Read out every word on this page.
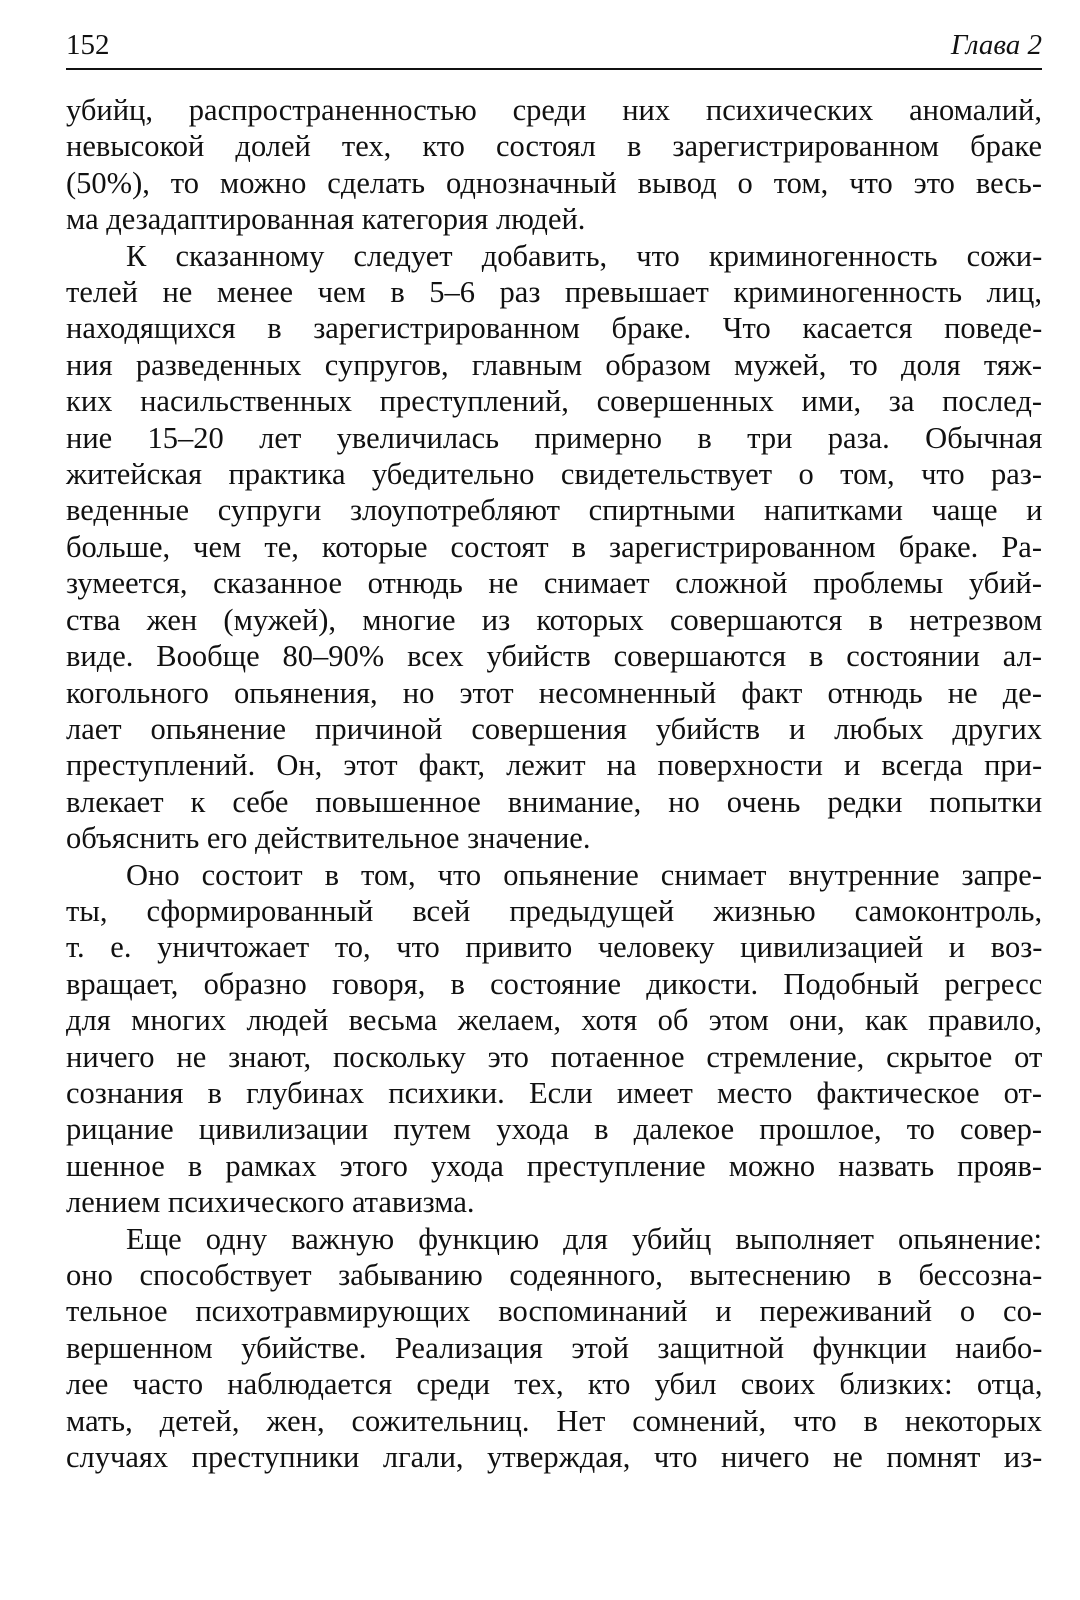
152	Глава 2
убийц, распространенностью среди них психических аномалий,
невысокой долей тех, кто состоял в зарегистрированном браке
(50%), то можно сделать однозначный вывод о том, что это весь-
ма дезадаптированная категория людей.
К сказанному следует добавить, что криминогенность сожи-
телей не менее чем в 5–6 раз превышает криминогенность лиц,
находящихся в зарегистрированном браке. Что касается поведе-
ния разведенных супругов, главным образом мужей, то доля тяж-
ких насильственных преступлений, совершенных ими, за послед-
ние 15–20 лет увеличилась примерно в три раза. Обычная
житейская практика убедительно свидетельствует о том, что раз-
веденные супруги злоупотребляют спиртными напитками чаще и
больше, чем те, которые состоят в зарегистрированном браке. Ра-
зумеется, сказанное отнюдь не снимает сложной проблемы убий-
ства жен (мужей), многие из которых совершаются в нетрезвом
виде. Вообще 80–90% всех убийств совершаются в состоянии ал-
когольного опьянения, но этот несомненный факт отнюдь не де-
лает опьянение причиной совершения убийств и любых других
преступлений. Он, этот факт, лежит на поверхности и всегда при-
влекает к себе повышенное внимание, но очень редки попытки
объяснить его действительное значение.
Оно состоит в том, что опьянение снимает внутренние запре-
ты, сформированный всей предыдущей жизнью самоконтроль,
т. е. уничтожает то, что привито человеку цивилизацией и воз-
вращает, образно говоря, в состояние дикости. Подобный регресс
для многих людей весьма желаем, хотя об этом они, как правило,
ничего не знают, поскольку это потаенное стремление, скрытое от
сознания в глубинах психики. Если имеет место фактическое от-
рицание цивилизации путем ухода в далекое прошлое, то совер-
шенное в рамках этого ухода преступление можно назвать прояв-
лением психического атавизма.
Еще одну важную функцию для убийц выполняет опьянение:
оно способствует забыванию содеянного, вытеснению в бессозна-
тельное психотравмирующих воспоминаний и переживаний о со-
вершенном убийстве. Реализация этой защитной функции наибо-
лее часто наблюдается среди тех, кто убил своих близких: отца,
мать, детей, жен, сожительниц. Нет сомнений, что в некоторых
случаях преступники лгали, утверждая, что ничего не помнят из-
